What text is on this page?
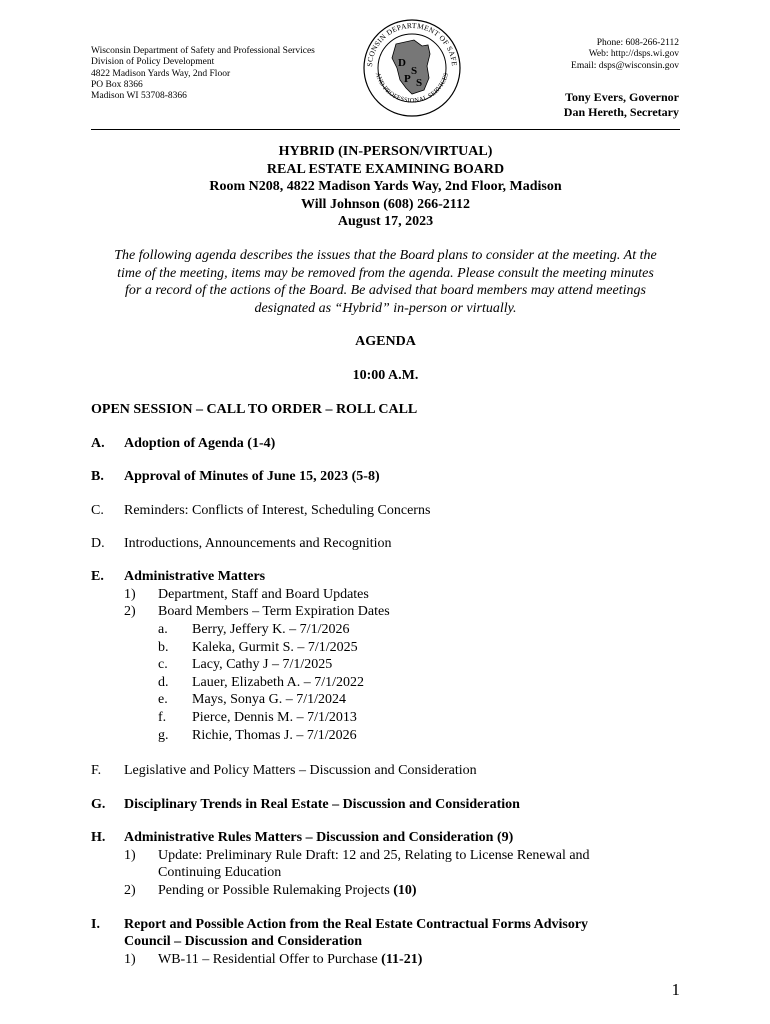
Wisconsin Department of Safety and Professional Services
Division of Policy Development
4822 Madison Yards Way, 2nd Floor
PO Box 8366
Madison WI 53708-8366
SCONSIN DEPARTMENT OF SAFE
AND PROFESSIONAL SERVICES
D
S
P S
Phone: 608-266-2112
Web: http://dsps.wi.gov
Email: dsps@wisconsin.gov
Tony Evers, Governor
Dan Hereth, Secretary
HYBRID (IN-PERSON/VIRTUAL)
REAL ESTATE EXAMINING BOARD
Room N208, 4822 Madison Yards Way, 2nd Floor, Madison
Will Johnson (608) 266-2112
August 17, 2023
The following agenda describes the issues that the Board plans to consider at the meeting. At the
time of the meeting, items may be removed from the agenda. Please consult the meeting minutes
for a record of the actions of the Board. Be advised that board members may attend meetings
designated as “Hybrid” in-person or virtually.
AGENDA
10:00 A.M.
OPEN SESSION – CALL TO ORDER – ROLL CALL
A. Adoption of Agenda (1-4)
B. Approval of Minutes of June 15, 2023 (5-8)
C. Reminders: Conflicts of Interest, Scheduling Concerns
D. Introductions, Announcements and Recognition
E. Administrative Matters
1) Department, Staff and Board Updates
2) Board Members – Term Expiration Dates
a. Berry, Jeffery K. – 7/1/2026
b. Kaleka, Gurmit S. – 7/1/2025
c. Lacy, Cathy J – 7/1/2025
d. Lauer, Elizabeth A. – 7/1/2022
e. Mays, Sonya G. – 7/1/2024
f. Pierce, Dennis M. – 7/1/2013
g. Richie, Thomas J. – 7/1/2026
F. Legislative and Policy Matters – Discussion and Consideration
G. Disciplinary Trends in Real Estate – Discussion and Consideration
H. Administrative Rules Matters – Discussion and Consideration (9)
1) Update: Preliminary Rule Draft: 12 and 25, Relating to License Renewal and
Continuing Education
2) Pending or Possible Rulemaking Projects (10)
I. Report and Possible Action from the Real Estate Contractual Forms Advisory
Council – Discussion and Consideration
1) WB-11 – Residential Offer to Purchase (11-21)
1
